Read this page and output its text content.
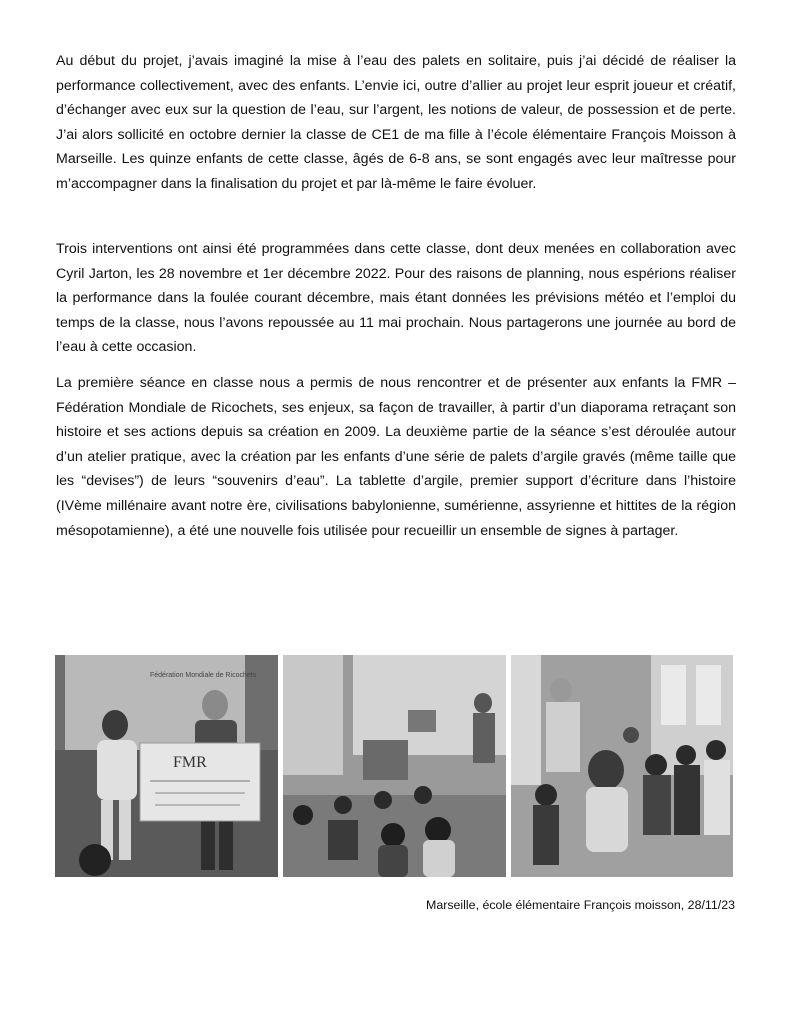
Au début du projet, j’avais imaginé la mise à l’eau des palets en solitaire, puis j’ai décidé de réaliser la performance collectivement, avec des enfants. L’envie ici, outre d’allier au projet leur esprit joueur et créatif, d’échanger avec eux sur la question de l’eau, sur l’argent, les notions de valeur, de possession et de perte. J’ai alors sollicité en octobre dernier la classe de CE1 de ma fille à l’école élémentaire François Moisson à Marseille. Les quinze enfants de cette classe, âgés de 6-8 ans, se sont engagés avec leur maîtresse pour m’accompagner dans la finalisation du projet et par là-même le faire évoluer.

Trois interventions ont ainsi été programmées dans cette classe, dont deux menées en collaboration avec Cyril Jarton, les 28 novembre et 1er décembre 2022. Pour des raisons de planning, nous espérions réaliser la performance dans la foulée courant décembre, mais étant données les prévisions météo et l’emploi du temps de la classe, nous l’avons repoussée au 11 mai prochain. Nous partagerons une journée au bord de l’eau à cette occasion.

La première séance en classe nous a permis de nous rencontrer et de présenter aux enfants la FMR – Fédération Mondiale de Ricochets, ses enjeux, sa façon de travailler, à partir d’un diaporama retraçant son histoire et ses actions depuis sa création en 2009. La deuxième partie de la séance s’est déroulée autour d’un atelier pratique, avec la création par les enfants d’une série de palets d’argile gravés (même taille que les “devises”) de leurs “souvenirs d’eau”. La tablette d’argile, premier support d’écriture dans l’histoire (IVème millénaire avant notre ère, civilisations babylonienne, sumérienne, assyrienne et hittites de la région mésopotamienne), a été une nouvelle fois utilisée pour recueillir un ensemble de signes à partager.

Fédération Mondiale de Ricochets
FMR
Marseille, école élémentaire François moisson, 28/11/23
